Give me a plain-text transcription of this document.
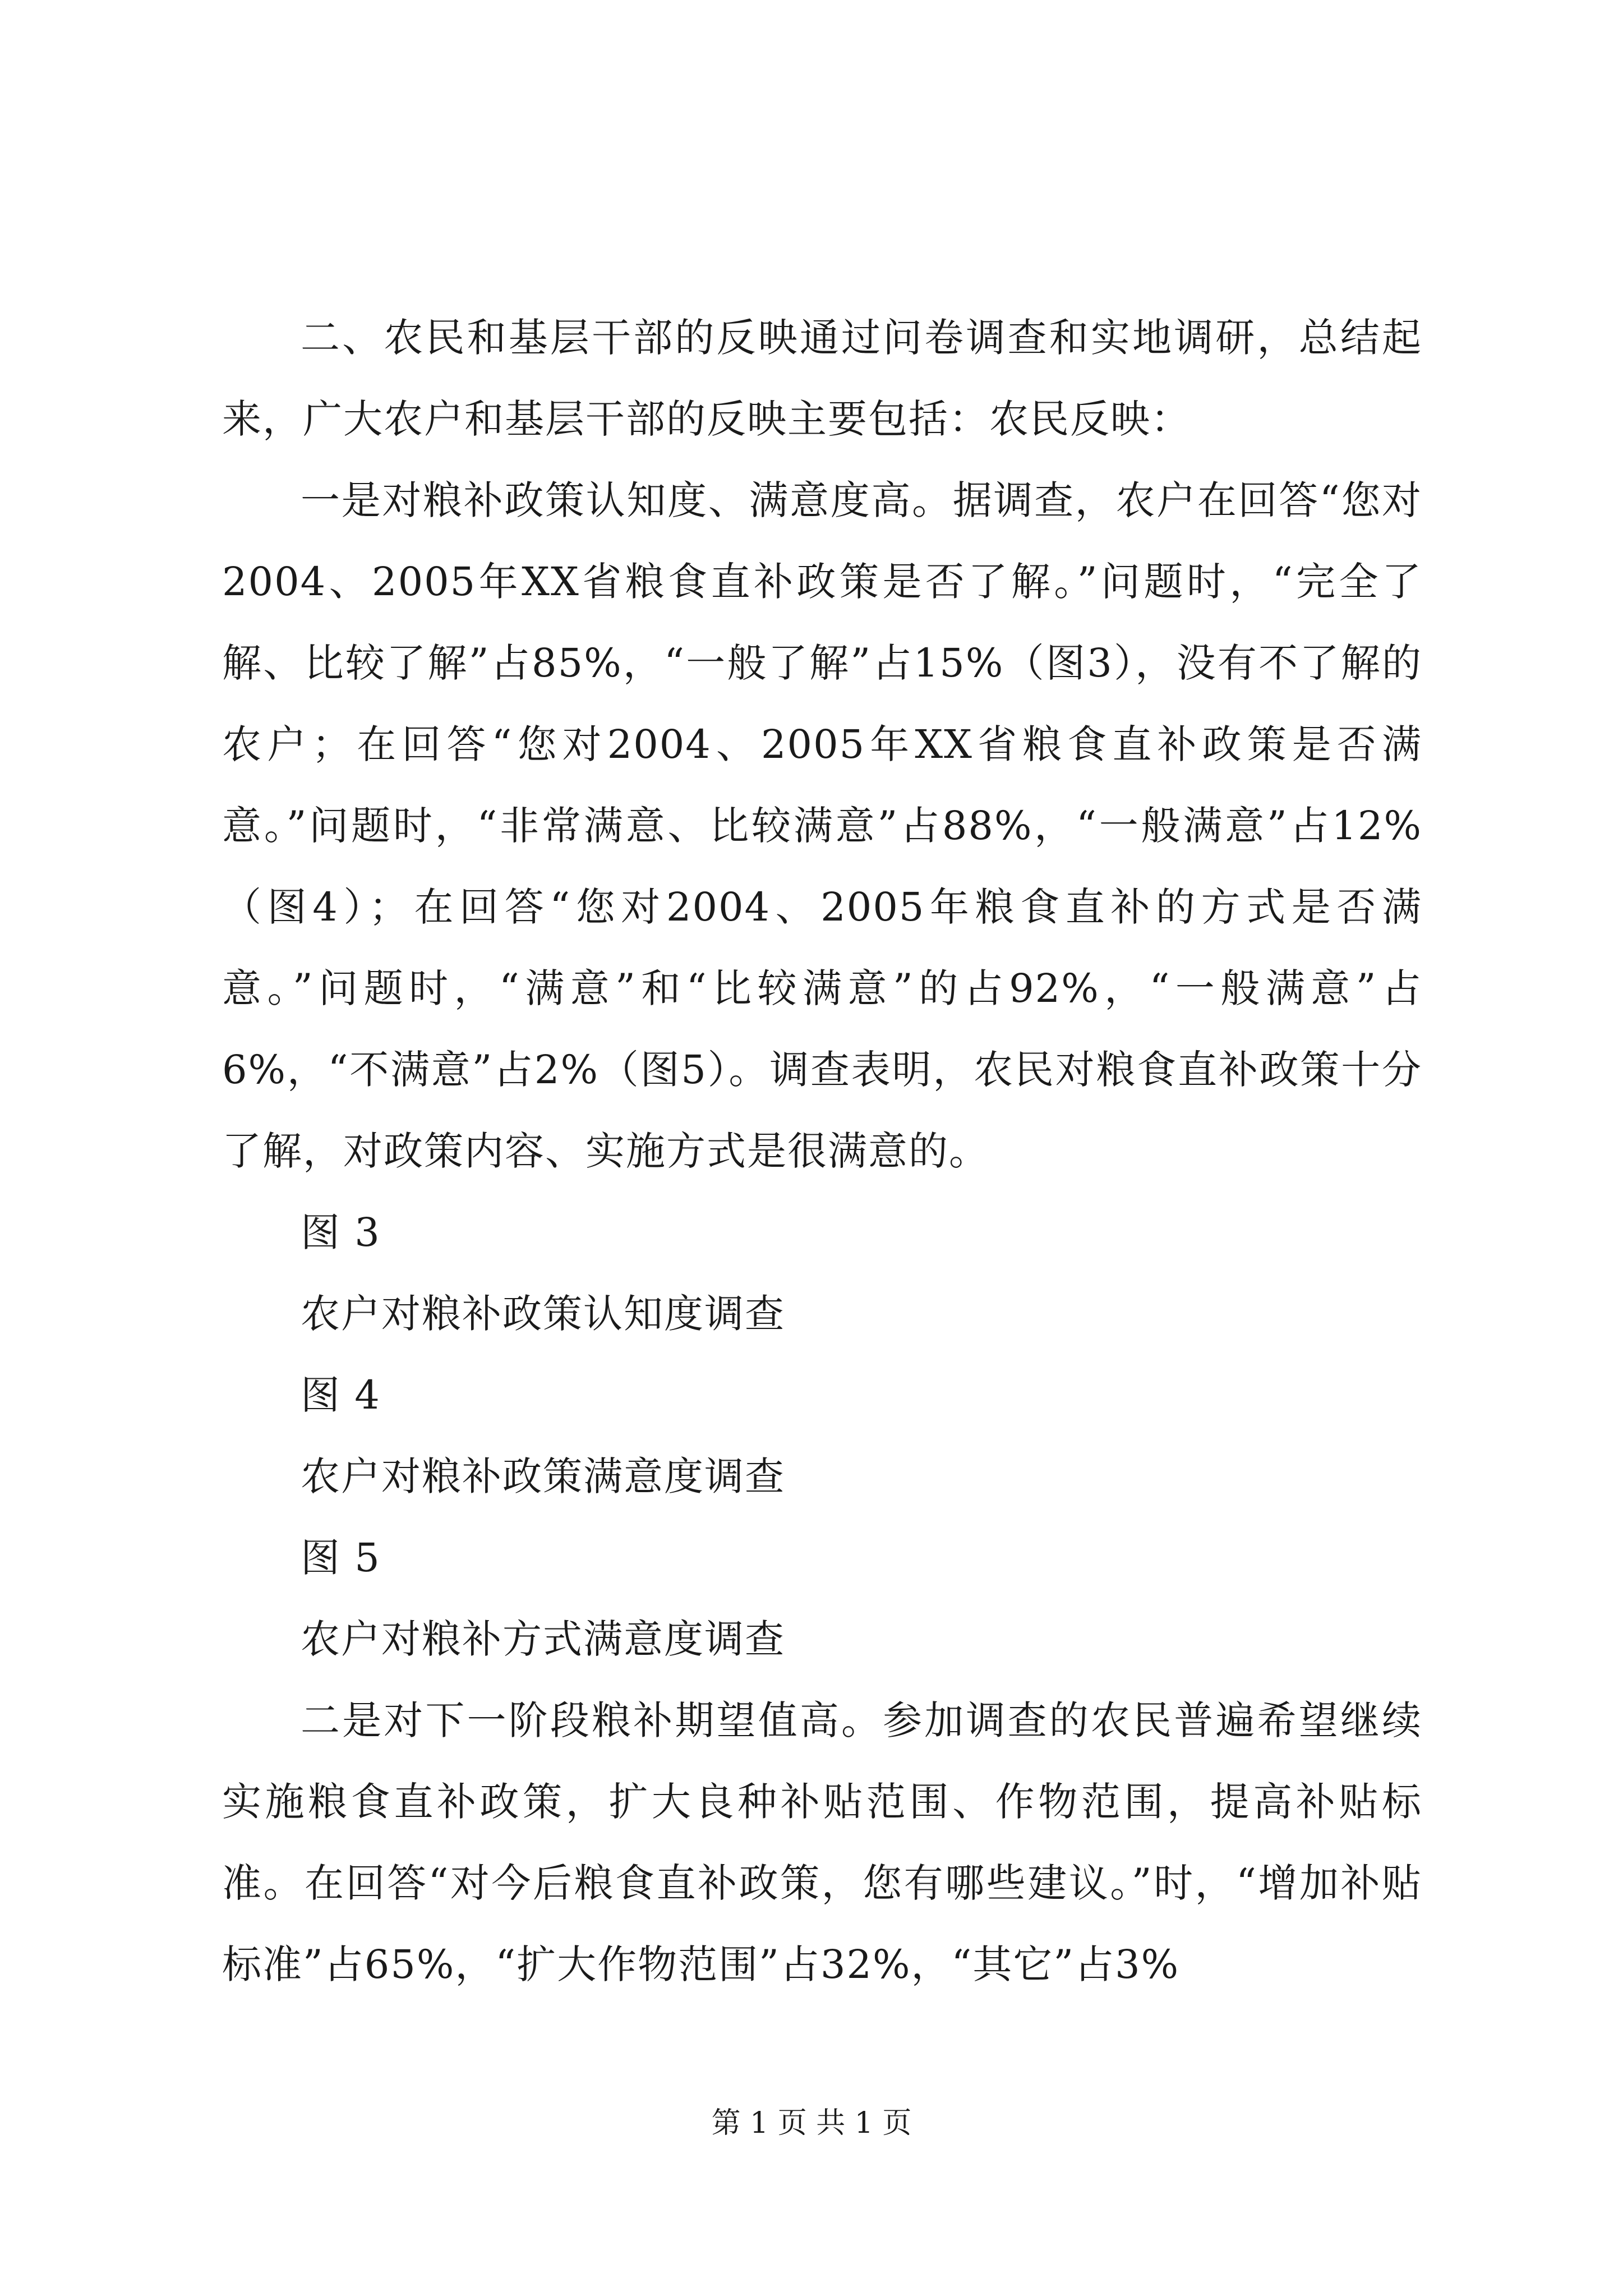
二、农民和基层干部的反映通过问卷调查和实地调研，总结起来，广大农户和基层干部的反映主要包括：农民反映：

一是对粮补政策认知度、满意度高。据调查，农户在回答“您对2004、2005年XX省粮食直补政策是否了解。”问题时，“完全了解、比较了解”占85%，“一般了解”占15%（图3），没有不了解的农户；在回答“您对2004、2005年XX省粮食直补政策是否满意。”问题时，“非常满意、比较满意”占88%，“一般满意”占12%（图4）；在回答“您对2004、2005年粮食直补的方式是否满意。”问题时，“满意”和“比较满意”的占92%，“一般满意”占6%，“不满意”占2%（图5）。调查表明，农民对粮食直补政策十分了解，对政策内容、实施方式是很满意的。

图 3

农户对粮补政策认知度调查

图 4

农户对粮补政策满意度调查

图 5

农户对粮补方式满意度调查

二是对下一阶段粮补期望值高。参加调查的农民普遍希望继续实施粮食直补政策，扩大良种补贴范围、作物范围，提高补贴标准。在回答“对今后粮食直补政策，您有哪些建议。”时，“增加补贴标准”占65%，“扩大作物范围”占32%，“其它”占3%

第 1 页 共 1 页
